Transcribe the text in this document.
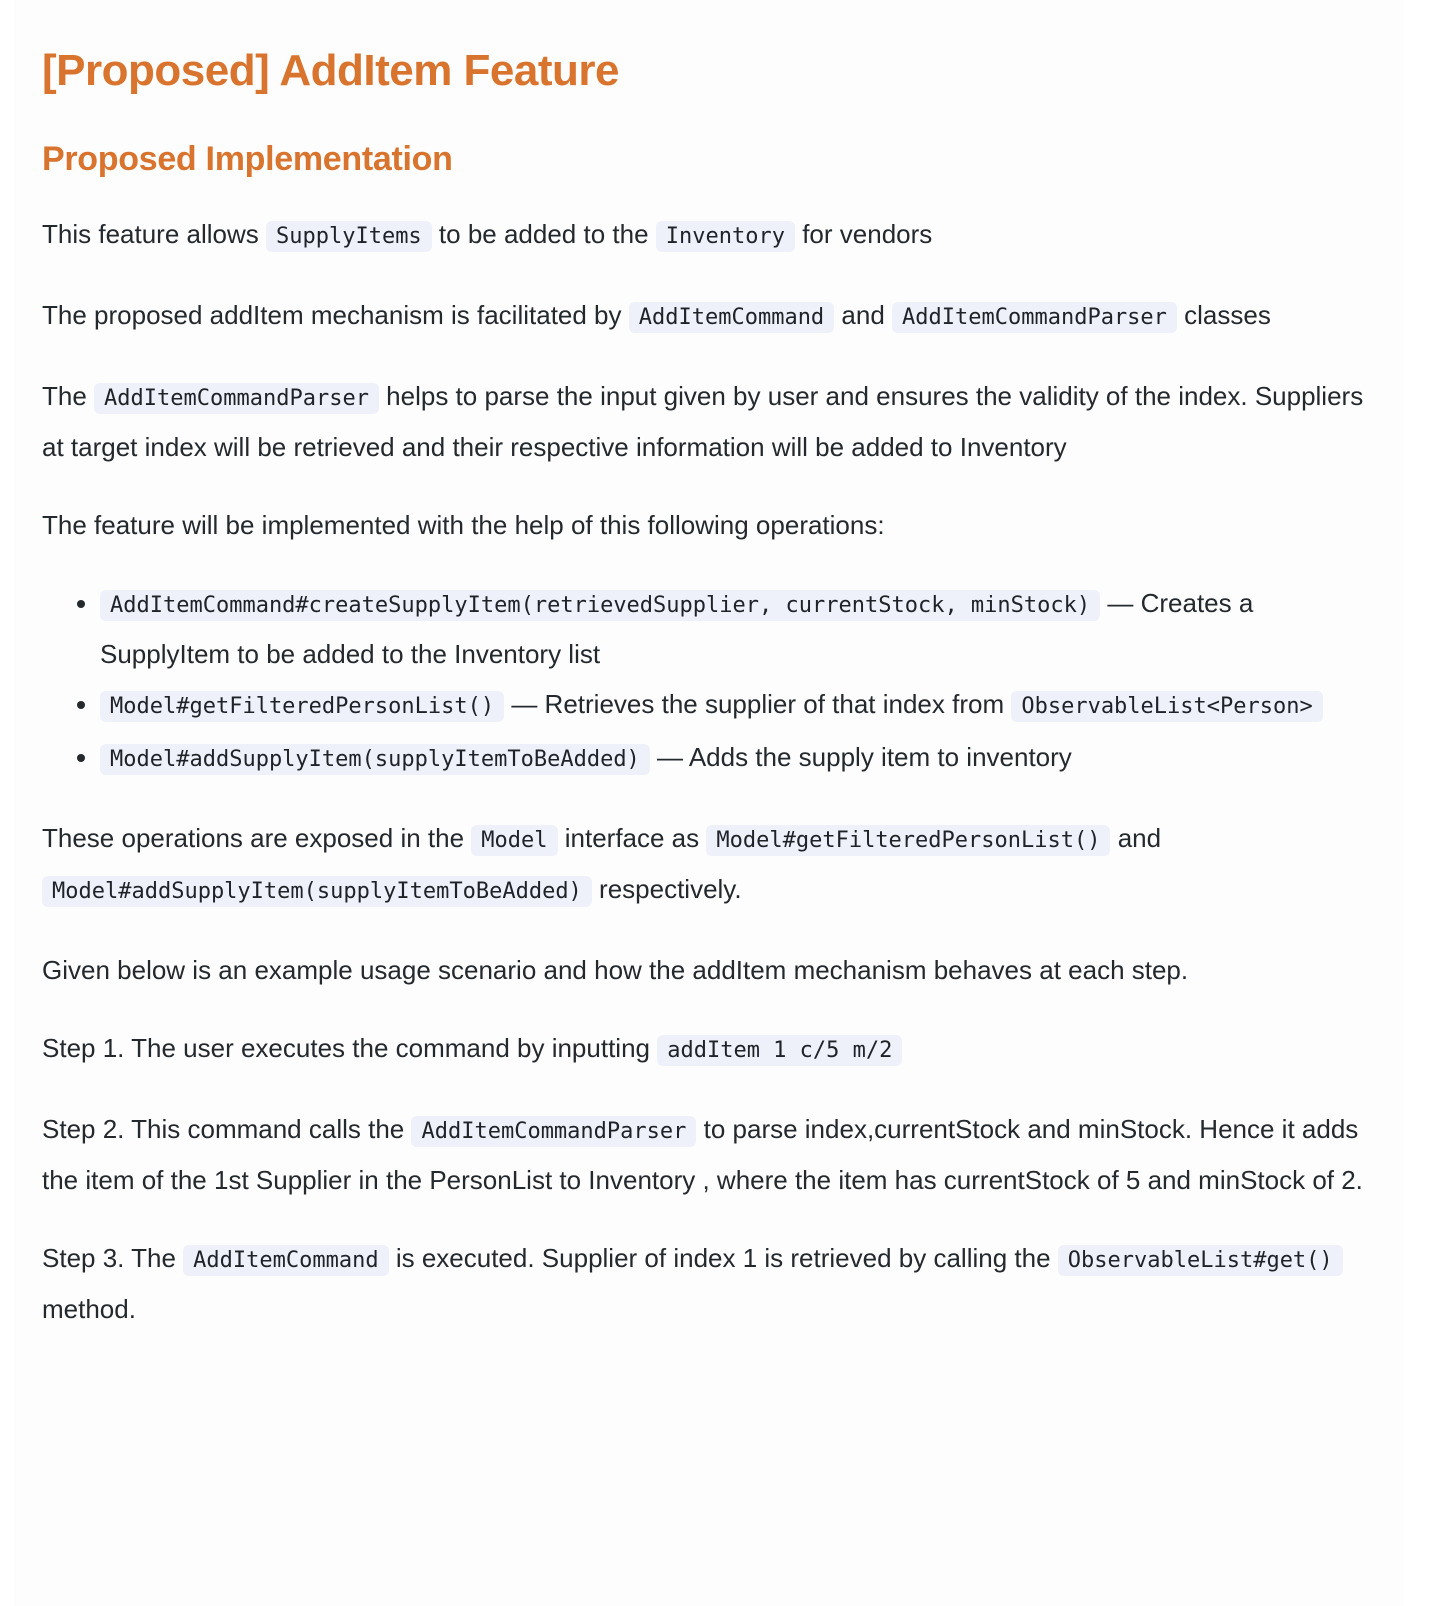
[Proposed] AddItem Feature
Proposed Implementation

This feature allows SupplyItems to be added to the Inventory for vendors

The proposed addItem mechanism is facilitated by AddItemCommand and AddItemCommandParser classes

The AddItemCommandParser helps to parse the input given by user and ensures the validity of the index. Suppliers at target index will be retrieved and their respective information will be added to Inventory

The feature will be implemented with the help of this following operations:

• AddItemCommand#createSupplyItem(retrievedSupplier, currentStock, minStock) — Creates a SupplyItem to be added to the Inventory list
• Model#getFilteredPersonList() — Retrieves the supplier of that index from ObservableList<Person>
• Model#addSupplyItem(supplyItemToBeAdded) — Adds the supply item to inventory

These operations are exposed in the Model interface as Model#getFilteredPersonList() and Model#addSupplyItem(supplyItemToBeAdded) respectively.

Given below is an example usage scenario and how the addItem mechanism behaves at each step.

Step 1. The user executes the command by inputting addItem 1 c/5 m/2

Step 2. This command calls the AddItemCommandParser to parse index,currentStock and minStock. Hence it adds the item of the 1st Supplier in the PersonList to Inventory , where the item has currentStock of 5 and minStock of 2.

Step 3. The AddItemCommand is executed. Supplier of index 1 is retrieved by calling the ObservableList#get() method.
